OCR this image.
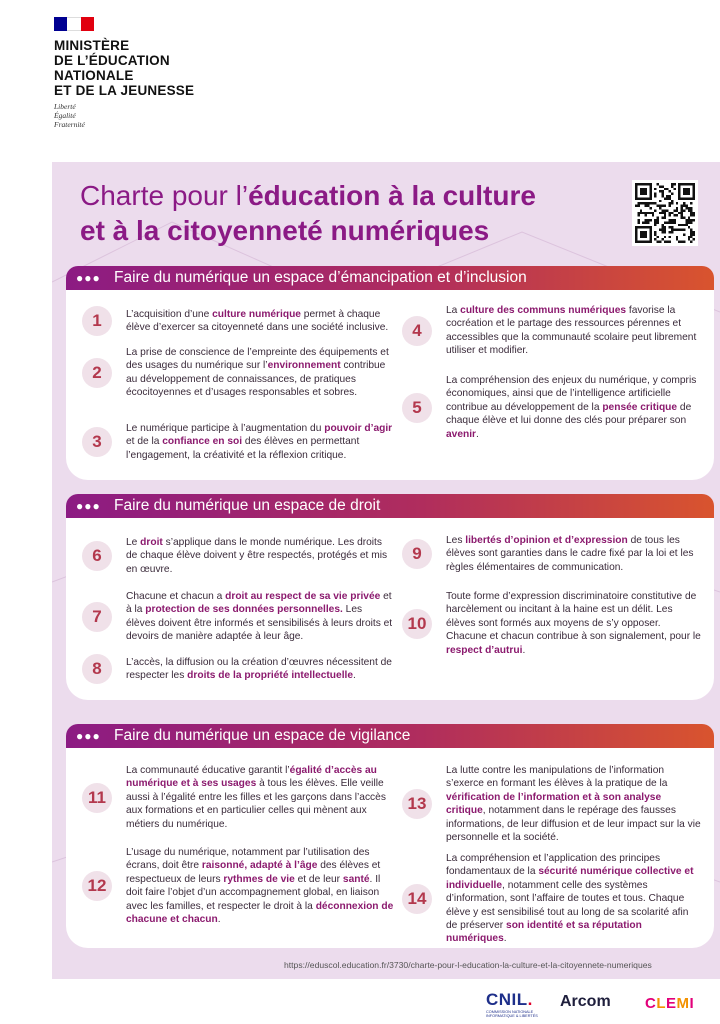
MINISTÈRE
DE L’ÉDUCATION
NATIONALE
ET DE LA JEUNESSE
Liberté
Égalité
Fraternité
Charte pour l’éducation à la culture
et à la citoyenneté numériques
●●● Faire du numérique un espace d’émancipation et d’inclusion
1	L’acquisition d’une culture numérique permet à chaque élève d’exercer sa citoyenneté dans une société inclusive.
2
La prise de conscience de l’empreinte des équipements et des usages du numérique sur l’environnement contribue au développement de connaissances, de pratiques écocitoyennes et d’usages responsables et sobres.
3
Le numérique participe à l’augmentation du pouvoir d’agir et de la confiance en soi des élèves en permettant l’engagement, la créativité et la réflexion critique.
4
La culture des communs numériques favorise la cocréation et le partage des ressources pérennes et accessibles que la communauté scolaire peut librement utiliser et modifier.
5
La compréhension des enjeux du numérique, y compris économiques, ainsi que de l’intelligence artificielle contribue au développement de la pensée critique de chaque élève et lui donne des clés pour préparer son avenir.
●●● Faire du numérique un espace de droit
6
Le droit s’applique dans le monde numérique. Les droits de chaque élève doivent y être respectés, protégés et mis en œuvre.
7
Chacune et chacun a droit au respect de sa vie privée et à la protection de ses données personnelles. Les élèves doivent être informés et sensibilisés à leurs droits et devoirs de manière adaptée à leur âge.
8	L’accès, la diffusion ou la création d’œuvres nécessitent de respecter les droits de la propriété intellectuelle.
9
Les libertés d’opinion et d’expression de tous les élèves sont garanties dans le cadre fixé par la loi et les règles élémentaires de communication.
10
Toute forme d’expression discriminatoire constitutive de harcèlement ou incitant à la haine est un délit. Les élèves sont formés aux moyens de s’y opposer. Chacune et chacun contribue à son signalement, pour le respect d’autrui.
●●● Faire du numérique un espace de vigilance
11
La communauté éducative garantit l’égalité d’accès au numérique et à ses usages à tous les élèves. Elle veille aussi à l’égalité entre les filles et les garçons dans l’accès aux formations et en particulier celles qui mènent aux métiers du numérique.
12
L’usage du numérique, notamment par l’utilisation des écrans, doit être raisonné, adapté à l’âge des élèves et respectueux de leurs rythmes de vie et de leur santé. Il doit faire l’objet d’un accompagnement global, en liaison avec les familles, et respecter le droit à la déconnexion de chacune et chacun.
13
La lutte contre les manipulations de l’information s’exerce en formant les élèves à la pratique de la vérification de l’information et à son analyse critique, notamment dans le repérage des fausses informations, de leur diffusion et de leur impact sur la vie personnelle et la société.
14
La compréhension et l’application des principes fondamentaux de la sécurité numérique collective et individuelle, notamment celle des systèmes d’information, sont l’affaire de toutes et tous. Chaque élève y est sensibilisé tout au long de sa scolarité afin de préserver son identité et sa réputation numériques.
https://eduscol.education.fr/3730/charte-pour-l-education-la-culture-et-la-citoyennete-numeriques
CNIL.
COMMISSION NATIONALE INFORMATIQUE & LIBERTÉS
Arcom CLEMI
